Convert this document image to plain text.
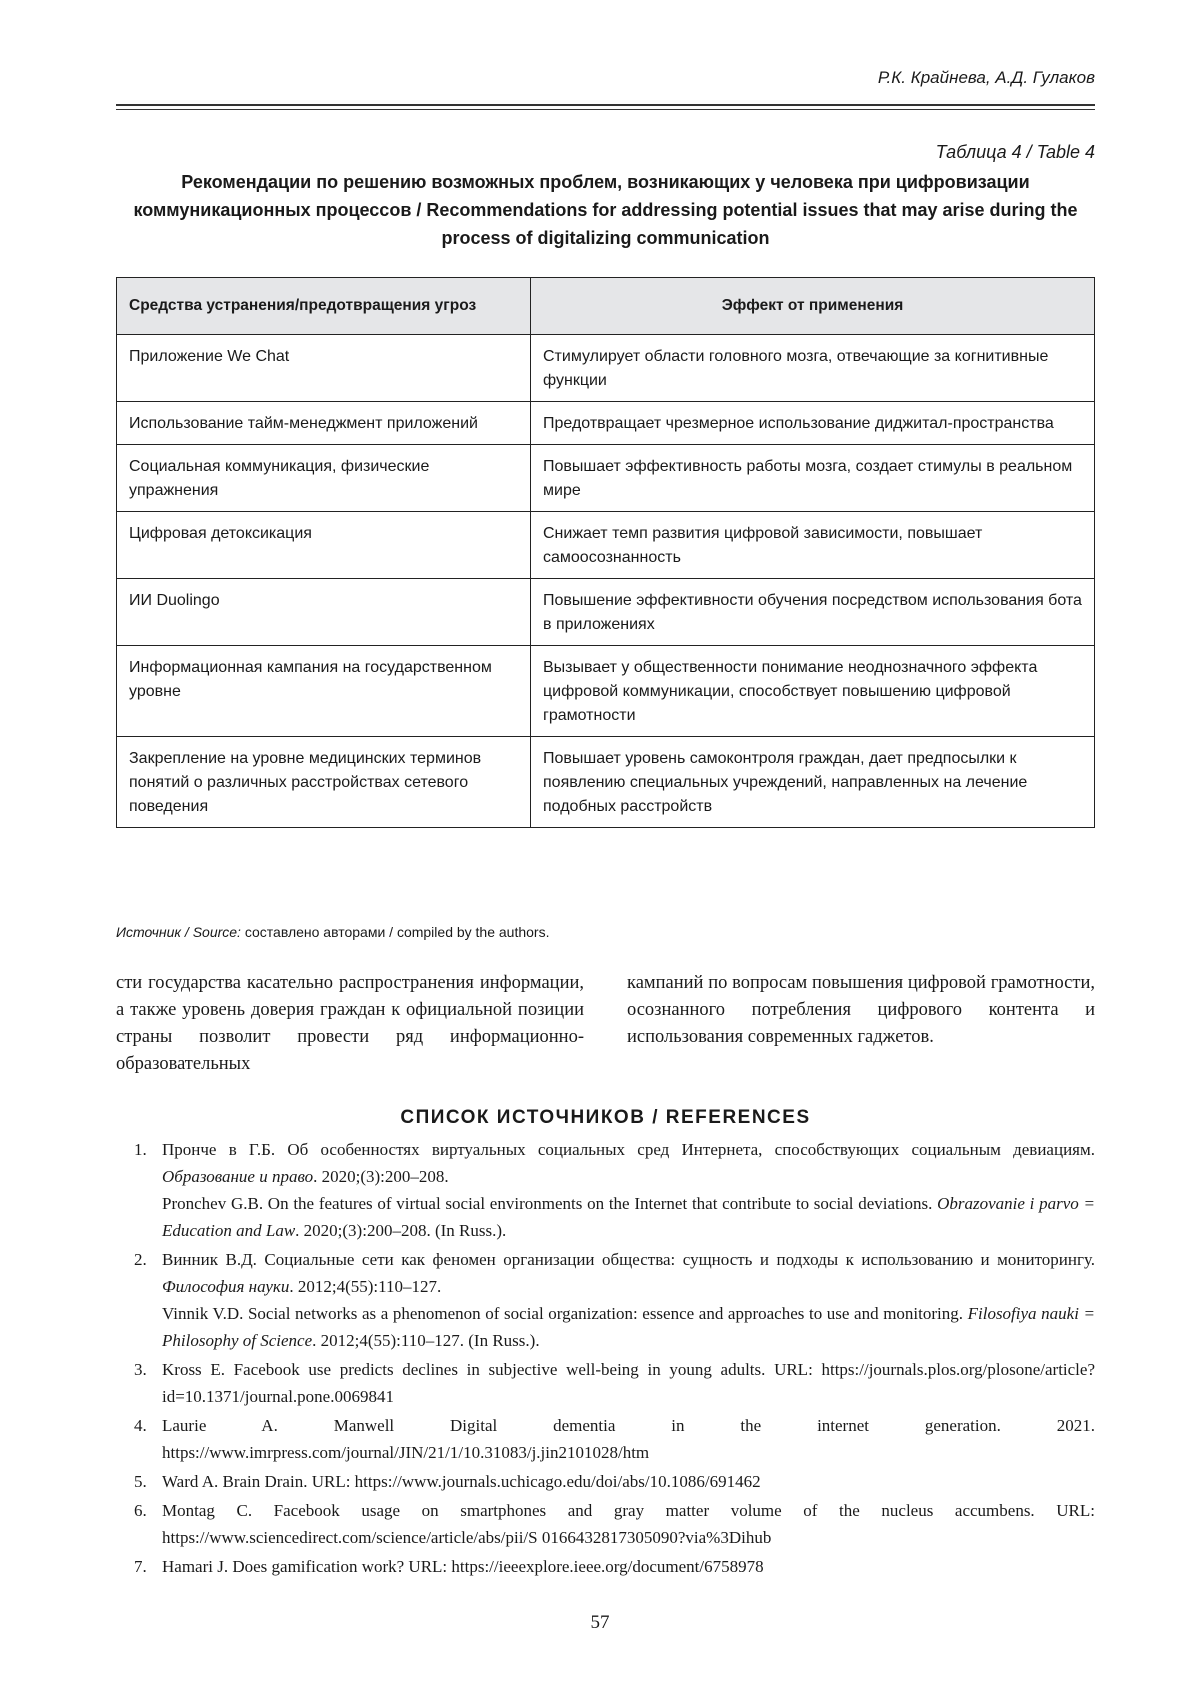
Р.К. Крайнева, А.Д. Гулаков
Таблица 4 / Table 4
Рекомендации по решению возможных проблем, возникающих у человека при цифровизации коммуникационных процессов / Recommendations for addressing potential issues that may arise during the process of digitalizing communication
Средства устранения/предотвращения угроз	Эффект от применения
Приложение We Chat	Стимулирует области головного мозга, отвечающие за когнитивные функции
Использование тайм-менеджмент приложений	Предотвращает чрезмерное использование диджитал-пространства
Социальная коммуникация, физические упражнения	Повышает эффективность работы мозга, создает стимулы в реальном мире
Цифровая детоксикация	Снижает темп развития цифровой зависимости, повышает самоосознанность
ИИ Duolingo	Повышение эффективности обучения посредством использования бота в приложениях
Информационная кампания на государственном уровне	Вызывает у общественности понимание неоднозначного эффекта цифровой коммуникации, способствует повышению цифровой грамотности
Закрепление на уровне медицинских терминов понятий о различных расстройствах сетевого поведения	Повышает уровень самоконтроля граждан, дает предпосылки к появлению специальных учреждений, направленных на лечение подобных расстройств
Источник / Source: составлено авторами / compiled by the authors.
сти государства касательно распространения информации, а также уровень доверия граждан к официальной позиции страны позволит провести ряд информационно-образовательных
кампаний по вопросам повышения цифровой грамотности, осознанного потребления цифрового контента и использования современных гаджетов.
СПИСОК ИСТОЧНИКОВ / REFERENCES
1. Пронче в Г.Б. Об особенностях виртуальных социальных сред Интернета, способствующих социальным девиациям. Образование и право. 2020;(3):200–208.
Pronchev G.B. On the features of virtual social environments on the Internet that contribute to social deviations. Obrazovanie i parvo = Education and Law. 2020;(3):200–208. (In Russ.).
2. Винник В.Д. Социальные сети как феномен организации общества: сущность и подходы к использованию и мониторингу. Философия науки. 2012;4(55):110–127.
Vinnik V.D. Social networks as a phenomenon of social organization: essence and approaches to use and monitoring. Filosofiya nauki = Philosophy of Science. 2012;4(55):110–127. (In Russ.).
3. Kross E. Facebook use predicts declines in subjective well-being in young adults. URL: https://journals.plos.org/plosone/article?id=10.1371/journal.pone.0069841
4. Laurie A. Manwell Digital dementia in the internet generation. 2021. https://www.imrpress.com/journal/JIN/21/1/10.31083/j.jin2101028/htm
5. Ward A. Brain Drain. URL: https://www.journals.uchicago.edu/doi/abs/10.1086/691462
6. Montag C. Facebook usage on smartphones and gray matter volume of the nucleus accumbens. URL: https://www.sciencedirect.com/science/article/abs/pii/S 0166432817305090?via%3Dihub
7. Hamari J. Does gamification work? URL: https://ieeexplore.ieee.org/document/6758978
57
